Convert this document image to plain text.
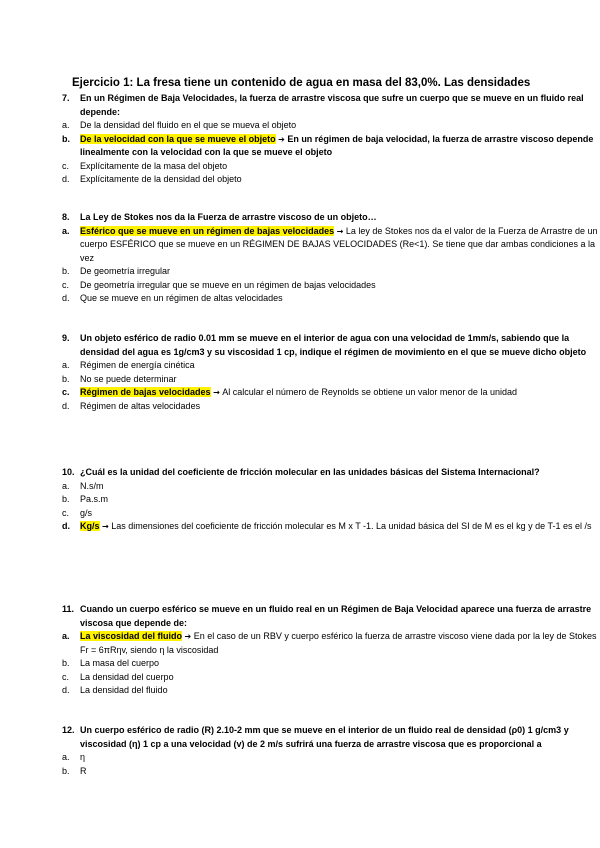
Ejercicio 1: La fresa tiene un contenido de agua en masa del 83,0%. Las densidades
7.	En un Régimen de Baja Velocidades, la fuerza de arrastre viscosa que sufre un cuerpo que se mueve en un fluido real depende:
a.	De la densidad del fluido en el que se mueva el objeto
b.	De la velocidad con la que se mueve el objeto ➔ En un régimen de baja velocidad, la fuerza de arrastre viscoso depende linealmente con la velocidad con la que se mueve el objeto
c.	Explícitamente de la masa del objeto
d.	Explícitamente de la densidad del objeto
8.	La Ley de Stokes nos da la Fuerza de arrastre viscoso de un objeto…
a.	Esférico que se mueve en un régimen de bajas velocidades → La ley de Stokes nos da el valor de la Fuerza de Arrastre de un cuerpo ESFÉRICO que se mueve en un RÉGIMEN DE BAJAS VELOCIDADES (Re<1). Se tiene que dar ambas condiciones a la vez
b.	De geometría irregular
c.	De geometría irregular que se mueve en un régimen de bajas velocidades
d.	Que se mueve en un régimen de altas velocidades
9.	Un objeto esférico de radio 0.01 mm se mueve en el interior de agua con una velocidad de 1mm/s, sabiendo que la densidad del agua es 1g/cm3 y su viscosidad 1 cp, indique el régimen de movimiento en el que se mueve dicho objeto
a.	Régimen de energía cinética
b.	No se puede determinar
c.	Régimen de bajas velocidades → Al calcular el número de Reynolds se obtiene un valor menor de la unidad
d.	Régimen de altas velocidades
10. ¿Cuál es la unidad del coeficiente de fricción molecular en las unidades básicas del Sistema Internacional?
a.	N.s/m
b.	Pa.s.m
c.	g/s
d.	Kg/s → Las dimensiones del coeficiente de fricción molecular es M x T -1. La unidad básica del SI de M es el kg y de T-1 es el /s
11. Cuando un cuerpo esférico se mueve en un fluido real en un Régimen de Baja Velocidad aparece una fuerza de arrastre viscosa que depende de:
a.	La viscosidad del fluido ➔ En el caso de un RBV y cuerpo esférico la fuerza de arrastre viscoso viene dada por la ley de Stokes Fr = 6πRηv, siendo η la viscosidad
b.	La masa del cuerpo
c.	La densidad del cuerpo
d.	La densidad del fluido
12. Un cuerpo esférico de radio (R) 2.10-2 mm que se mueve en el interior de un fluido real de densidad (ρ0) 1 g/cm3 y viscosidad (η) 1 cp a una velocidad (v) de 2 m/s sufrirá una fuerza de arrastre viscosa que es proporcional a
a.	η
b.	R
